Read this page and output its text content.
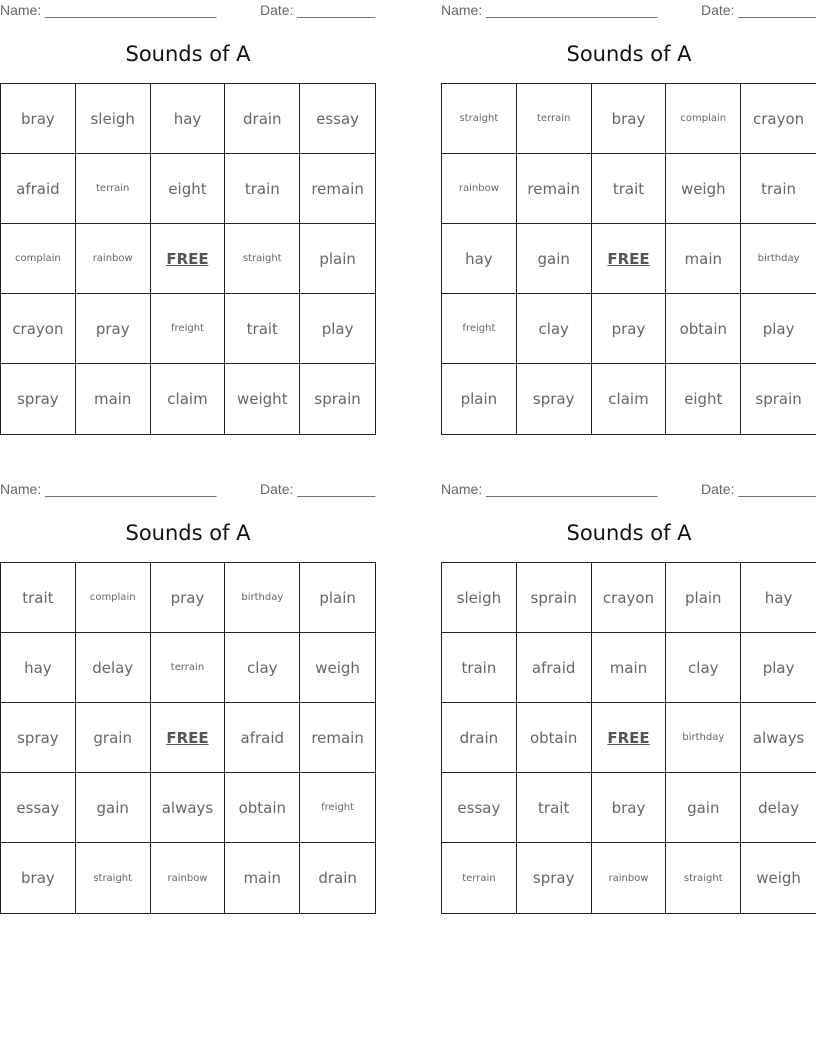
Name: ______________________	Date: __________
Sounds of A
bray	sleigh	hay	drain	essay
afraid	terrain	eight	train	remain
complain	rainbow	FREE	straight	plain
crayon	pray	freight	trait	play
spray	main	claim	weight	sprain
Name: ______________________	Date: __________
Sounds of A
straight	terrain	bray	complain	crayon
rainbow	remain	trait	weigh	train
hay	gain	FREE	main	birthday
freight	clay	pray	obtain	play
plain	spray	claim	eight	sprain
Name: ______________________	Date: __________
Sounds of A
trait	complain	pray	birthday	plain
hay	delay	terrain	clay	weigh
spray	grain	FREE	afraid	remain
essay	gain	always	obtain	freight
bray	straight	rainbow	main	drain
Name: ______________________	Date: __________
Sounds of A
sleigh	sprain	crayon	plain	hay
train	afraid	main	clay	play
drain	obtain	FREE	birthday	always
essay	trait	bray	gain	delay
terrain	spray	rainbow	straight	weigh
